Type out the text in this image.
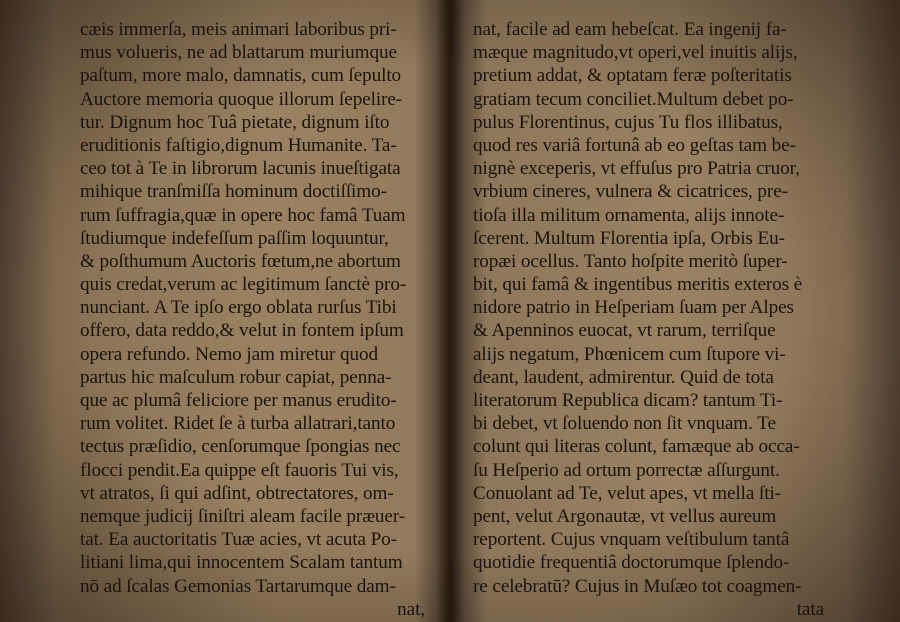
cæis immerſa, meis animari laboribus pri-
mus volueris, ne ad blattarum muriumque
paſtum, more malo, damnatis, cum ſepulto
Auctore memoria quoque illorum ſepelire-
tur. Dignum hoc Tuâ pietate, dignum iſto
eruditionis faſtigio,dignum Humanite. Ta-
ceo tot à Te in librorum lacunis inueſtigata
mihique tranſmiſſa hominum doctiſſimo-
rum ſuffragia,quæ in opere hoc famâ Tuam
ſtudiumque indefeſſum paſſim loquuntur,
& poſthumum Auctoris fœtum,ne abortum
quis credat,verum ac legitimum ſanctè pro-
nunciant. A Te ipſo ergo oblata rurſus Tibi
offero, data reddo,& velut in fontem ipſum
opera refundo. Nemo jam miretur quod
partus hic maſculum robur capiat, penna-
que ac plumâ feliciore per manus erudito-
rum volitet. Ridet ſe à turba allatrari,tanto
tectus præſidio, cenſorumque ſpongias nec
flocci pendit.Ea quippe eſt fauoris Tui vis,
vt atratos, ſi qui adſint, obtrectatores, om-
nemque judicij ſiniſtri aleam facile præuer-
tat. Ea auctoritatis Tuæ acies, vt acuta Po-
litiani lima,qui innocentem Scalam tantum
nō ad ſcalas Gemonias Tartarumque dam-
nat,
nat, facile ad eam hebeſcat. Ea ingenij fa-
mæque magnitudo,vt operi,vel inuitis alijs,
pretium addat, & optatam feræ poſteritatis
gratiam tecum conciliet.Multum debet po-
pulus Florentinus, cujus Tu flos illibatus,
quod res variâ fortunâ ab eo geſtas tam be-
nignè exceperis, vt effuſus pro Patria cruor,
vrbium cineres, vulnera & cicatrices, pre-
tioſa illa militum ornamenta, alijs innote-
ſcerent. Multum Florentia ipſa, Orbis Eu-
ropæi ocellus. Tanto hoſpite meritò ſuper-
bit, qui famâ & ingentibus meritis exteros è
nidore patrio in Heſperiam ſuam per Alpes
& Apenninos euocat, vt rarum, terriſque
alijs negatum, Phœnicem cum ſtupore vi-
deant, laudent, admirentur. Quid de tota
literatorum Republica dicam? tantum Ti-
bi debet, vt ſoluendo non ſit vnquam. Te
colunt qui literas colunt, famæque ab occa-
ſu Heſperio ad ortum porrectæ aſſurgunt.
Conuolant ad Te, velut apes, vt mella ſti-
pent, velut Argonautæ, vt vellus aureum
reportent. Cujus vnquam veſtibulum tantâ
quotidie frequentiâ doctorumque ſplendo-
re celebratū? Cujus in Muſæo tot coagmen-
tata
